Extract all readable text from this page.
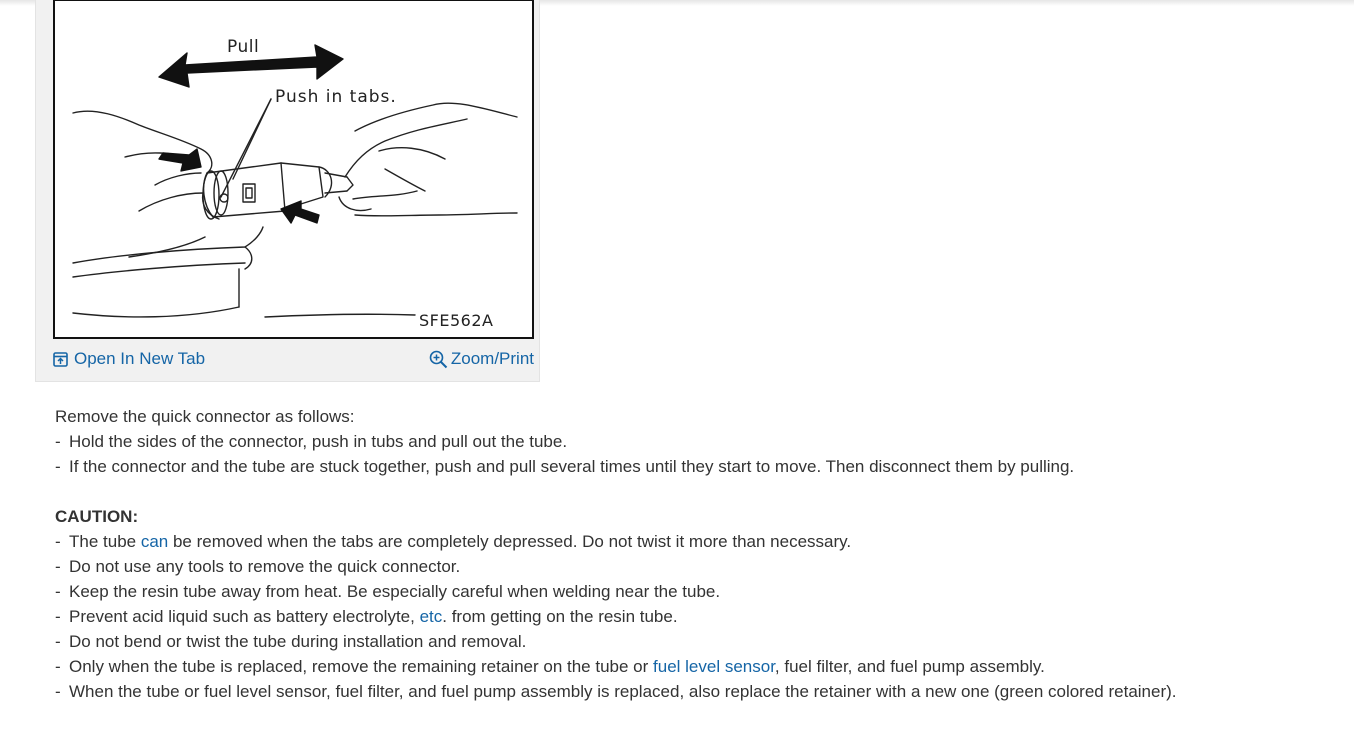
Pull
Push in tabs.
SFE562A
Open In New Tab	Zoom/Print

Remove the quick connector as follows:

- Hold the sides of the connector, push in tubs and pull out the tube.
- If the connector and the tube are stuck together, push and pull several times until they start to move. Then disconnect them by pulling.

CAUTION:

- The tube can be removed when the tabs are completely depressed. Do not twist it more than necessary.
- Do not use any tools to remove the quick connector.
- Keep the resin tube away from heat. Be especially careful when welding near the tube.
- Prevent acid liquid such as battery electrolyte, etc. from getting on the resin tube.
- Do not bend or twist the tube during installation and removal.
- Only when the tube is replaced, remove the remaining retainer on the tube or fuel level sensor, fuel filter, and fuel pump assembly.
- When the tube or fuel level sensor, fuel filter, and fuel pump assembly is replaced, also replace the retainer with a new one (green colored retainer).
